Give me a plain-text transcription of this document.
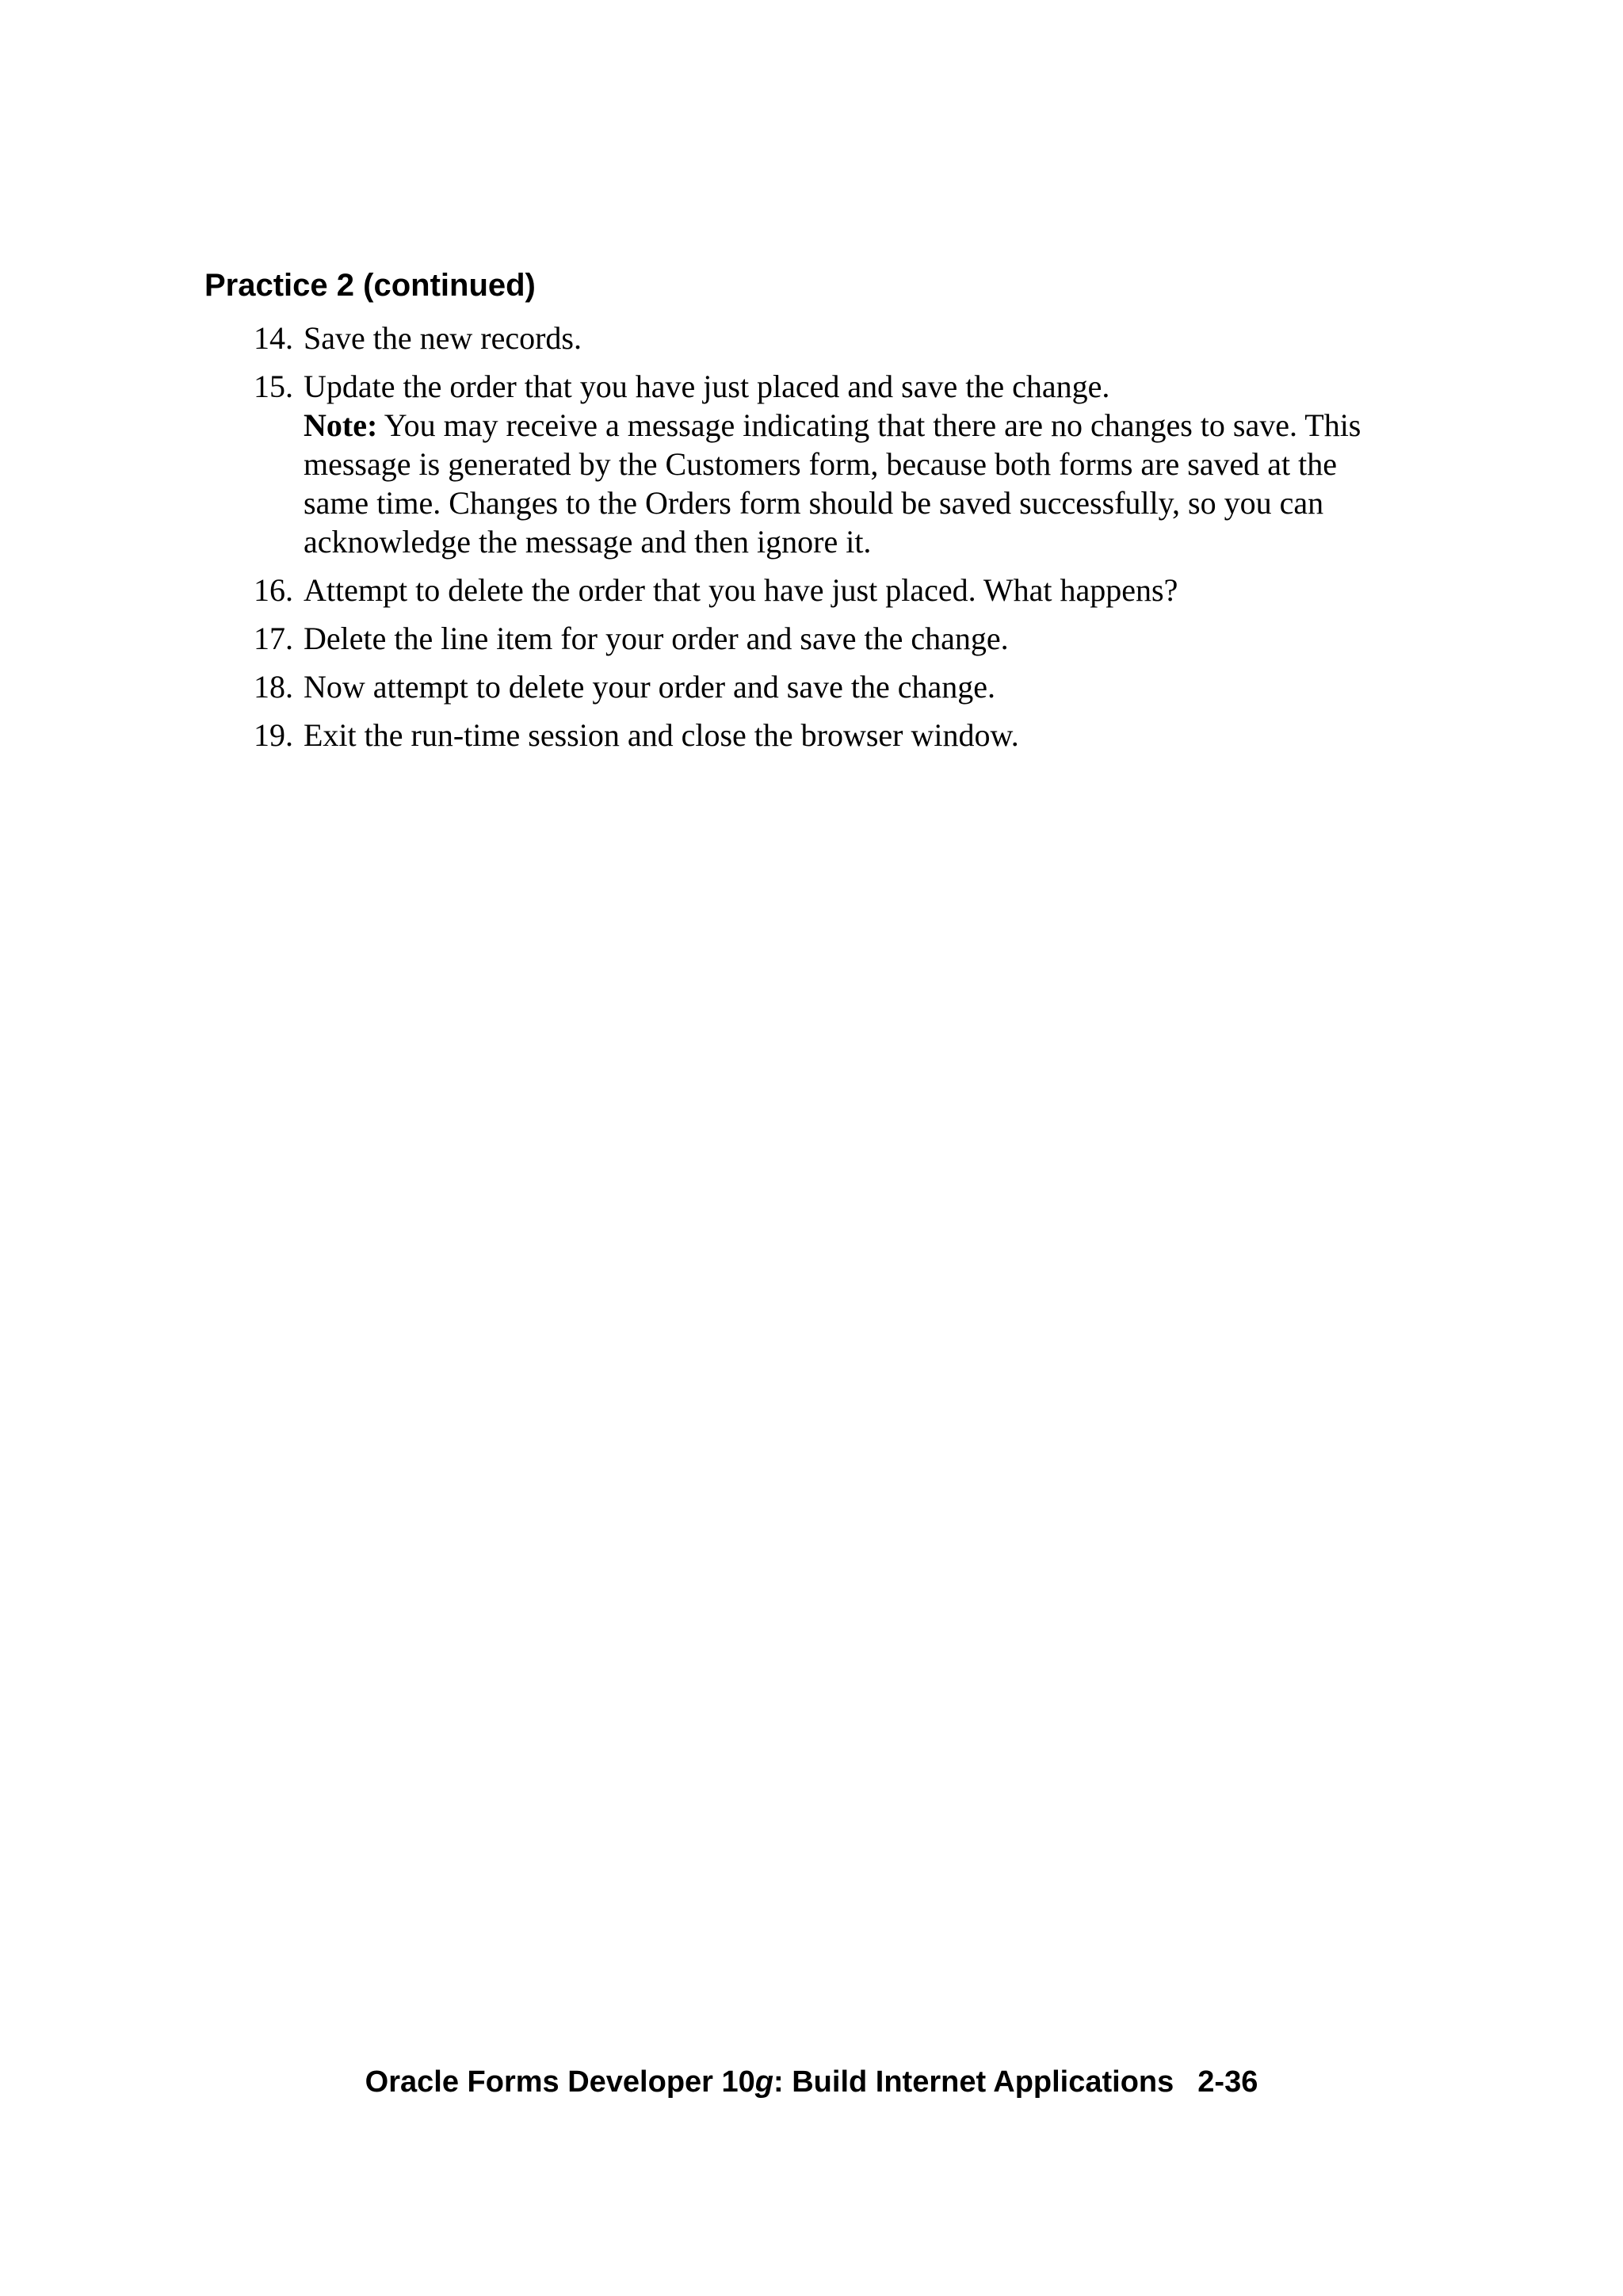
Practice 2 (continued)
14. Save the new records.
15. Update the order that you have just placed and save the change.
Note: You may receive a message indicating that there are no changes to save. This
message is generated by the Customers form, because both forms are saved at the
same time. Changes to the Orders form should be saved successfully, so you can
acknowledge the message and then ignore it.
16. Attempt to delete the order that you have just placed. What happens?
17. Delete the line item for your order and save the change.
18. Now attempt to delete your order and save the change.
19. Exit the run-time session and close the browser window.
Oracle Forms Developer 10g: Build Internet Applications 2-36
